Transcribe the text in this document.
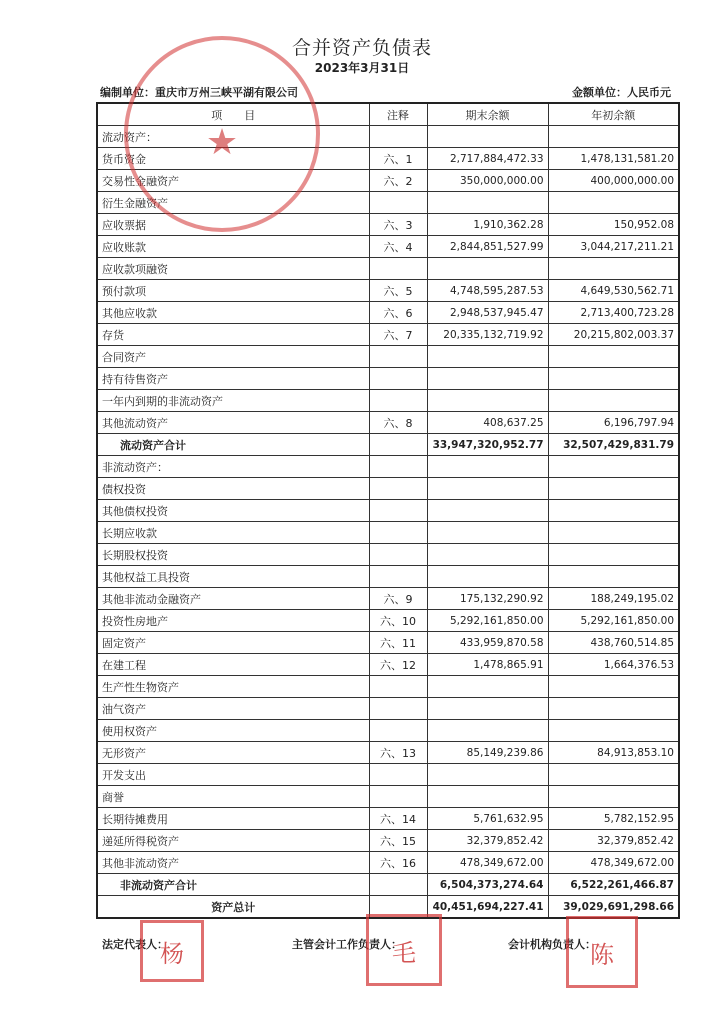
合并资产负债表
2023年3月31日
编制单位：重庆市万州三峡平湖有限公司	金额单位：人民币元
项　　目	注释	期末余额	年初余额
流动资产：			
货币资金	六、1	2,717,884,472.33	1,478,131,581.20
交易性金融资产	六、2	350,000,000.00	400,000,000.00
衍生金融资产			
应收票据	六、3	1,910,362.28	150,952.08
应收账款	六、4	2,844,851,527.99	3,044,217,211.21
应收款项融资			
预付款项	六、5	4,748,595,287.53	4,649,530,562.71
其他应收款	六、6	2,948,537,945.47	2,713,400,723.28
存货	六、7	20,335,132,719.92	20,215,802,003.37
合同资产			
持有待售资产			
一年内到期的非流动资产			
其他流动资产	六、8	408,637.25	6,196,797.94
流动资产合计		33,947,320,952.77	32,507,429,831.79
非流动资产：			
债权投资			
其他债权投资			
长期应收款			
长期股权投资			
其他权益工具投资			
其他非流动金融资产	六、9	175,132,290.92	188,249,195.02
投资性房地产	六、10	5,292,161,850.00	5,292,161,850.00
固定资产	六、11	433,959,870.58	438,760,514.85
在建工程	六、12	1,478,865.91	1,664,376.53
生产性生物资产			
油气资产			
使用权资产			
无形资产	六、13	85,149,239.86	84,913,853.10
开发支出			
商誉			
长期待摊费用	六、14	5,761,632.95	5,782,152.95
递延所得税资产	六、15	32,379,852.42	32,379,852.42
其他非流动资产	六、16	478,349,672.00	478,349,672.00
非流动资产合计		6,504,373,274.64	6,522,261,466.87
资产总计		40,451,694,227.41	39,029,691,298.66
法定代表人：	主管会计工作负责人：	会计机构负责人：
★
杨	毛	陈
